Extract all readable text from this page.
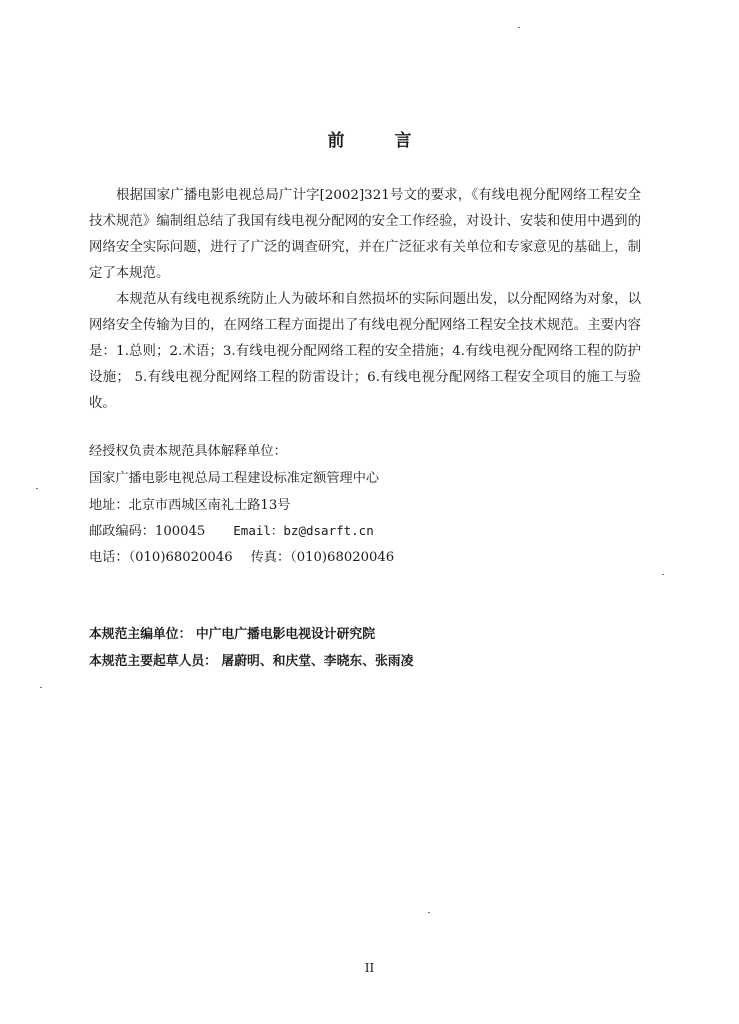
前 言

根据国家广播电影电视总局广计字[2002]321号文的要求，《有线电视分配网络工程安全技术规范》编制组总结了我国有线电视分配网的安全工作经验，对设计、安装和使用中遇到的网络安全实际问题，进行了广泛的调查研究，并在广泛征求有关单位和专家意见的基础上，制定了本规范。

本规范从有线电视系统防止人为破坏和自然损坏的实际问题出发，以分配网络为对象，以网络安全传输为目的，在网络工程方面提出了有线电视分配网络工程安全技术规范。主要内容是：1.总则；2.术语；3.有线电视分配网络工程的安全措施；4.有线电视分配网络工程的防护设施； 5.有线电视分配网络工程的防雷设计；6.有线电视分配网络工程安全项目的施工与验收。

经授权负责本规范具体解释单位：

国家广播电影电视总局工程建设标准定额管理中心

地址：北京市西城区南礼士路13号

邮政编码：100045 Email：bz@dsarft.cn

电话：（010)68020046 传真：（010)68020046

本规范主编单位： 中广电广播电影电视设计研究院

本规范主要起草人员： 屠蔚明、和庆堂、李晓东、张雨凌

II
